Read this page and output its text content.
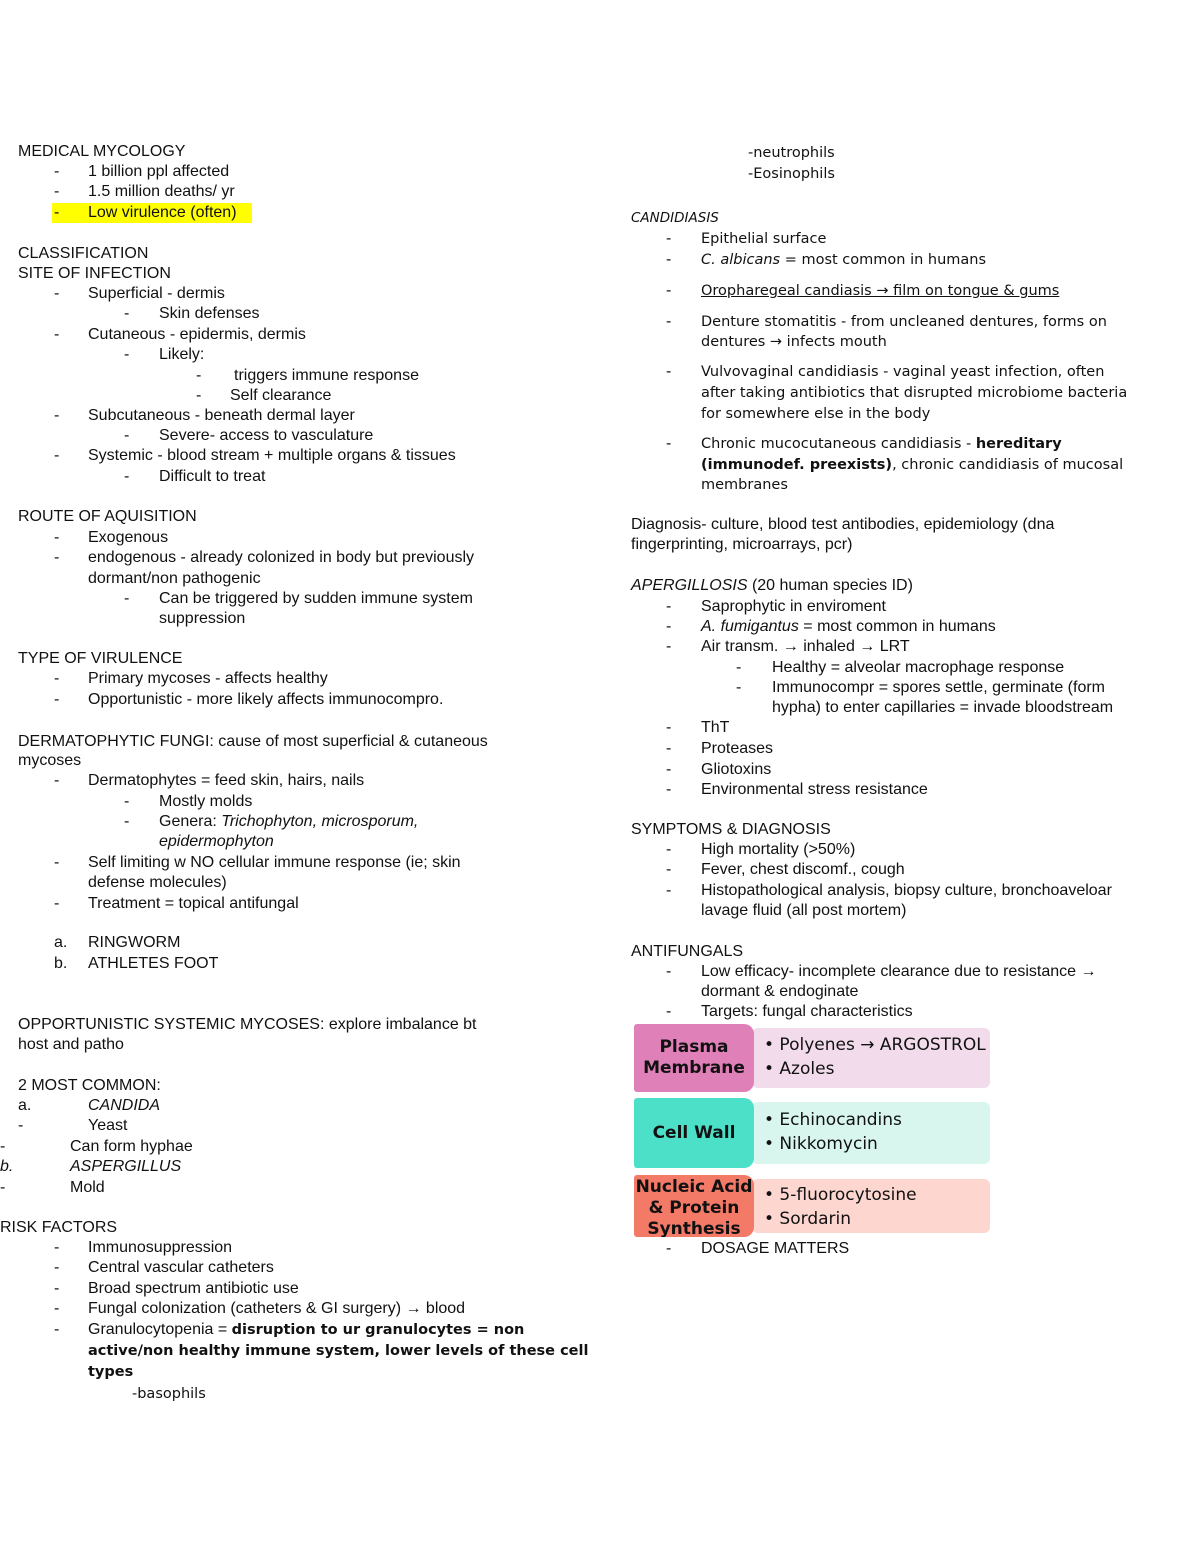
MEDICAL MYCOLOGY
- 1 billion ppl affected
- 1.5 million deaths/ yr
- Low virulence (often)
CLASSIFICATION
SITE OF INFECTION
- Superficial - dermis
- Skin defenses
- Cutaneous - epidermis, dermis
- Likely:
- triggers immune response
- Self clearance
- Subcutaneous - beneath dermal layer
- Severe- access to vasculature
- Systemic - blood stream + multiple organs & tissues
- Difficult to treat
ROUTE OF AQUISITION
- Exogenous
- endogenous - already colonized in body but previously
dormant/non pathogenic
- Can be triggered by sudden immune system
suppression
TYPE OF VIRULENCE
- Primary mycoses - affects healthy
- Opportunistic - more likely affects immunocompro.
DERMATOPHYTIC FUNGI: cause of most superficial & cutaneous
mycoses
- Dermatophytes = feed skin, hairs, nails
- Mostly molds
- Genera: Trichophyton, microsporum,
epidermophyton
- Self limiting w NO cellular immune response (ie; skin
defense molecules)
- Treatment = topical antifungal
a. RINGWORM
b. ATHLETES FOOT
OPPORTUNISTIC SYSTEMIC MYCOSES: explore imbalance bt
host and patho
2 MOST COMMON:
a.	CANDIDA
-	Yeast
-	Can form hyphae
b.	ASPERGILLUS
-	Mold
RISK FACTORS
- Immunosuppression
- Central vascular catheters
- Broad spectrum antibiotic use
- Fungal colonization (catheters & GI surgery) → blood
- Granulocytopenia = disruption to ur granulocytes = non
active/non healthy immune system, lower levels of these cell
types
-basophils
-neutrophils
-Eosinophils
CANDIDIASIS
- Epithelial surface
- C. albicans = most common in humans
- Oropharegeal candiasis → film on tongue & gums
- Denture stomatitis - from uncleaned dentures, forms on
dentures → infects mouth
- Vulvovaginal candidiasis - vaginal yeast infection, often
after taking antibiotics that disrupted microbiome bacteria
for somewhere else in the body
- Chronic mucocutaneous candidiasis - hereditary
(immunodef. preexists), chronic candidiasis of mucosal
membranes
Diagnosis- culture, blood test antibodies, epidemiology (dna
fingerprinting, microarrays, pcr)
APERGILLOSIS (20 human species ID)
- Saprophytic in enviroment
- A. fumigantus = most common in humans
- Air transm. → inhaled → LRT
- Healthy = alveolar macrophage response
- Immunocompr = spores settle, germinate (form
hypha) to enter capillaries = invade bloodstream
- ThT
- Proteases
- Gliotoxins
- Environmental stress resistance
SYMPTOMS & DIAGNOSIS
- High mortality (>50%)
- Fever, chest discomf., cough
- Histopathological analysis, biopsy culture, bronchoaveloar
lavage fluid (all post mortem)
ANTIFUNGALS
- Low efficacy- incomplete clearance due to resistance →
dormant & endoginate
- Targets: fungal characteristics
Plasma
Membrane
• Polyenes → ARGOSTROL
• Azoles
Cell Wall
• Echinocandins
• Nikkomycin
Nucleic Acid
& Protein
Synthesis
• 5-fluorocytosine
• Sordarin
- DOSAGE MATTERS
